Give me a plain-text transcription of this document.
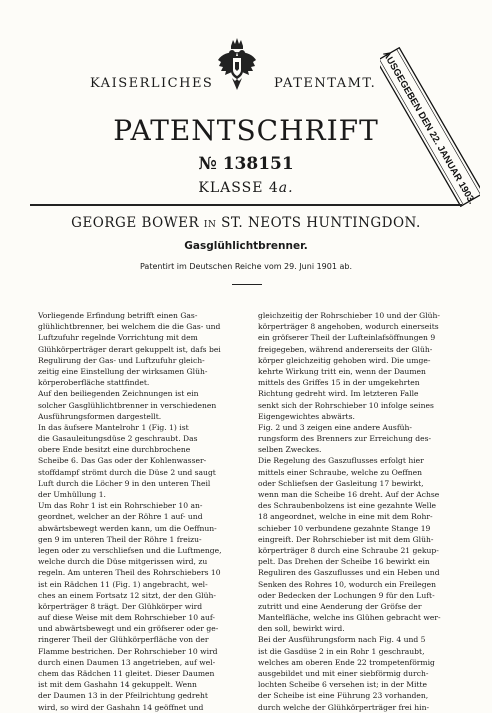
KAISERLICHES	PATENTAMT. AUSGEGEBEN DEN 22. JANUAR 1903.
PATENTSCHRIFT
№ 138151
KLASSE 4a.
GEORGE BOWER IN ST. NEOTS HUNTINGDON.
Gasglühlichtbrenner.
Patentirt im Deutschen Reiche vom 29. Juni 1901 ab.
Vorliegende Erfindung betrifft einen Gas-
glühlichtbrenner, bei welchem die die Gas- und
Luftzufuhr regelnde Vorrichtung mit dem
Glühkörperträger derart gekuppelt ist, dafs bei
Regulirung der Gas- und Luftzufuhr gleich-
zeitig eine Einstellung der wirksamen Glüh-
körperoberfläche stattfindet.
Auf den beiliegenden Zeichnungen ist ein
solcher Gasglühlichtbrenner in verschiedenen
Ausführungsformen dargestellt.
In das äufsere Mantelrohr 1 (Fig. 1) ist
die Gasauleitungsdüse 2 geschraubt. Das
obere Ende besitzt eine durchbrochene
Scheibe 6. Das Gas oder der Kohlenwasser-
stoffdampf strömt durch die Düse 2 und saugt
Luft durch die Löcher 9 in den unteren Theil
der Umhüllung 1.
Um das Rohr 1 ist ein Rohrschieber 10 an-
geordnet, welcher an der Röhre 1 auf- und
abwärtsbewegt werden kann, um die Oeffnun-
gen 9 im unteren Theil der Röhre 1 freizu-
legen oder zu verschliefsen und die Luftmenge,
welche durch die Düse mitgerissen wird, zu
regeln. Am unteren Theil des Rohrschiebers 10
ist ein Rädchen 11 (Fig. 1) angebracht, wel-
ches an einem Fortsatz 12 sitzt, der den Glüh-
körperträger 8 trägt. Der Glühkörper wird
auf diese Weise mit dem Rohrschieber 10 auf-
und abwärtsbewegt und ein gröfserer oder ge-
ringerer Theil der Glühkörperfläche von der
Flamme bestrichen. Der Rohrschieber 10 wird
durch einen Daumen 13 angetrieben, auf wel-
chem das Rädchen 11 gleitet. Dieser Daumen
ist mit dem Gashahn 14 gekuppelt. Wenn
der Daumen 13 in der Pfeilrichtung gedreht
wird, so wird der Gashahn 14 geöffnet und
gleichzeitig der Rohrschieber 10 und der Glüh-
körperträger 8 angehoben, wodurch einerseits
ein gröfserer Theil der Lufteinlafsöffnungen 9
freigegeben, während andererseits der Glüh-
körper gleichzeitig gehoben wird. Die umge-
kehrte Wirkung tritt ein, wenn der Daumen
mittels des Griffes 15 in der umgekehrten
Richtung gedreht wird. Im letzteren Falle
senkt sich der Rohrschieber 10 infolge seines
Eigengewichtes abwärts.
Fig. 2 und 3 zeigen eine andere Ausfüh-
rungsform des Brenners zur Erreichung des-
selben Zweckes.
Die Regelung des Gaszuflusses erfolgt hier
mittels einer Schraube, welche zu Oeffnen
oder Schliefsen der Gasleitung 17 bewirkt,
wenn man die Scheibe 16 dreht. Auf der Achse
des Schraubenbolzens ist eine gezahnte Welle
18 angeordnet, welche in eine mit dem Rohr-
schieber 10 verbundene gezahnte Stange 19
eingreift. Der Rohrschieber ist mit dem Glüh-
körperträger 8 durch eine Schraube 21 gekup-
pelt. Das Drehen der Scheibe 16 bewirkt ein
Reguliren des Gaszuflusses und ein Heben und
Senken des Rohres 10, wodurch ein Freilegen
oder Bedecken der Lochungen 9 für den Luft-
zutritt und eine Aenderung der Gröfse der
Mantelfläche, welche ins Glühen gebracht wer-
den soll, bewirkt wird.
Bei der Ausführungsform nach Fig. 4 und 5
ist die Gasdüse 2 in ein Rohr 1 geschraubt,
welches am oberen Ende 22 trompetenförmig
ausgebildet und mit einer siebförmig durch-
lochten Scheibe 6 versehen ist; in der Mitte
der Scheibe ist eine Führung 23 vorhanden,
durch welche der Glühkörperträger frei hin-
